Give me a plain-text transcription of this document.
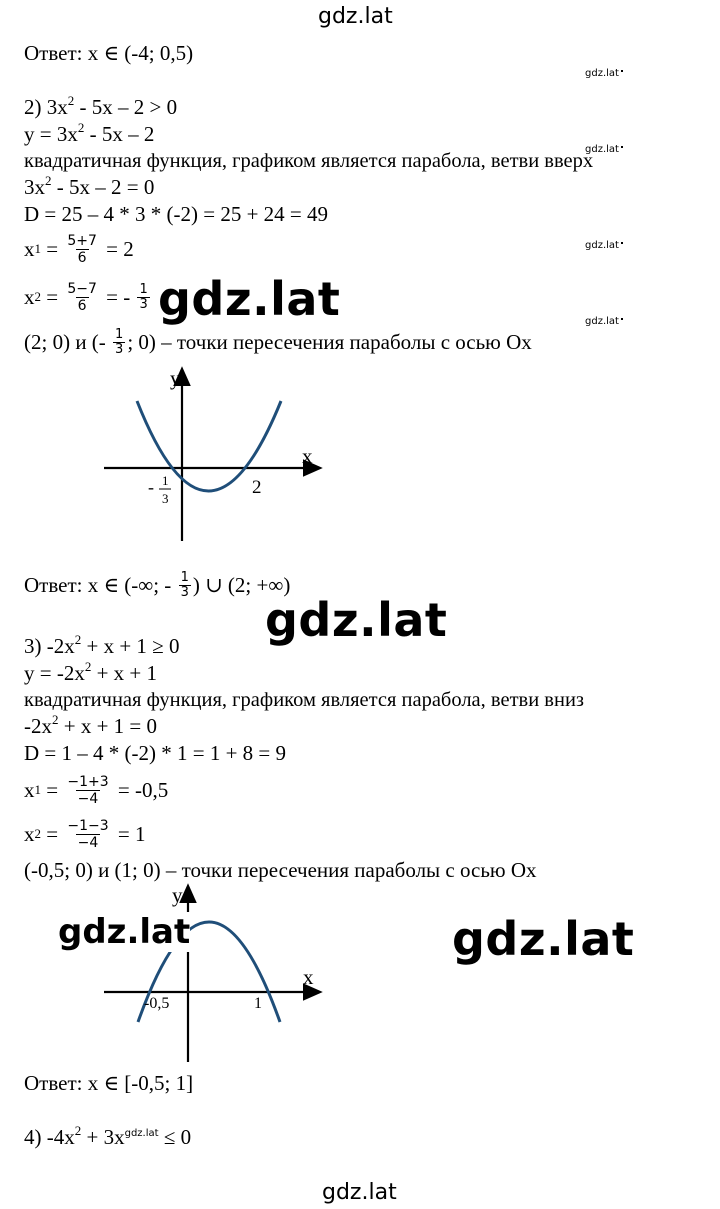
gdz.lat
Ответ: x ∈ (-4; 0,5)
gdz.lat
2) $3x^2 - 5x - 2 > 0$
$y = 3x^2 - 5x - 2$
gdz.lat
квадратичная функция, графиком является парабола, ветви вверх
$3x^2 - 5x - 2 = 0$
D = 25 – 4 * 3 * (-2) = 25 + 24 = 49
x $1 = \frac{5+7}{6} = 2$	gdz.lat
x $2 = \frac{5-7}{6}$ = - $\frac{1}{3} gdz.lat$	gdz.lat
(2; 0) и (- $\frac{1}{3}$ ; 0) – точки пересечения параболы с осью Ox
y
x
- 1
3
2
Ответ: x ∈ (-∞; - $\frac{1}{3}$ ) ∪ (2; +∞)
gdz.lat
3) $-2x^2 + x + 1 \ge 0$
$y = -2x^2 + x + 1$
квадратичная функция, графиком является парабола, ветви вниз
$-2x^2 + x + 1 = 0$
D = 1 – 4 * (-2) * 1 = 1 + 8 = 9
x $1 = \frac{-1+3}{-4} = -0,5$
x $2 = \frac{-1-3}{-4} = 1$
(-0,5; 0) и (1; 0) – точки пересечения параболы с осью Ox
y
x
-0,5	1
gdz.lat	gdz.lat
Ответ: x ∈ [-0,5; 1]
4) $-4x^2 + 3x^{gdz.lat} \le 0$
gdz.lat
